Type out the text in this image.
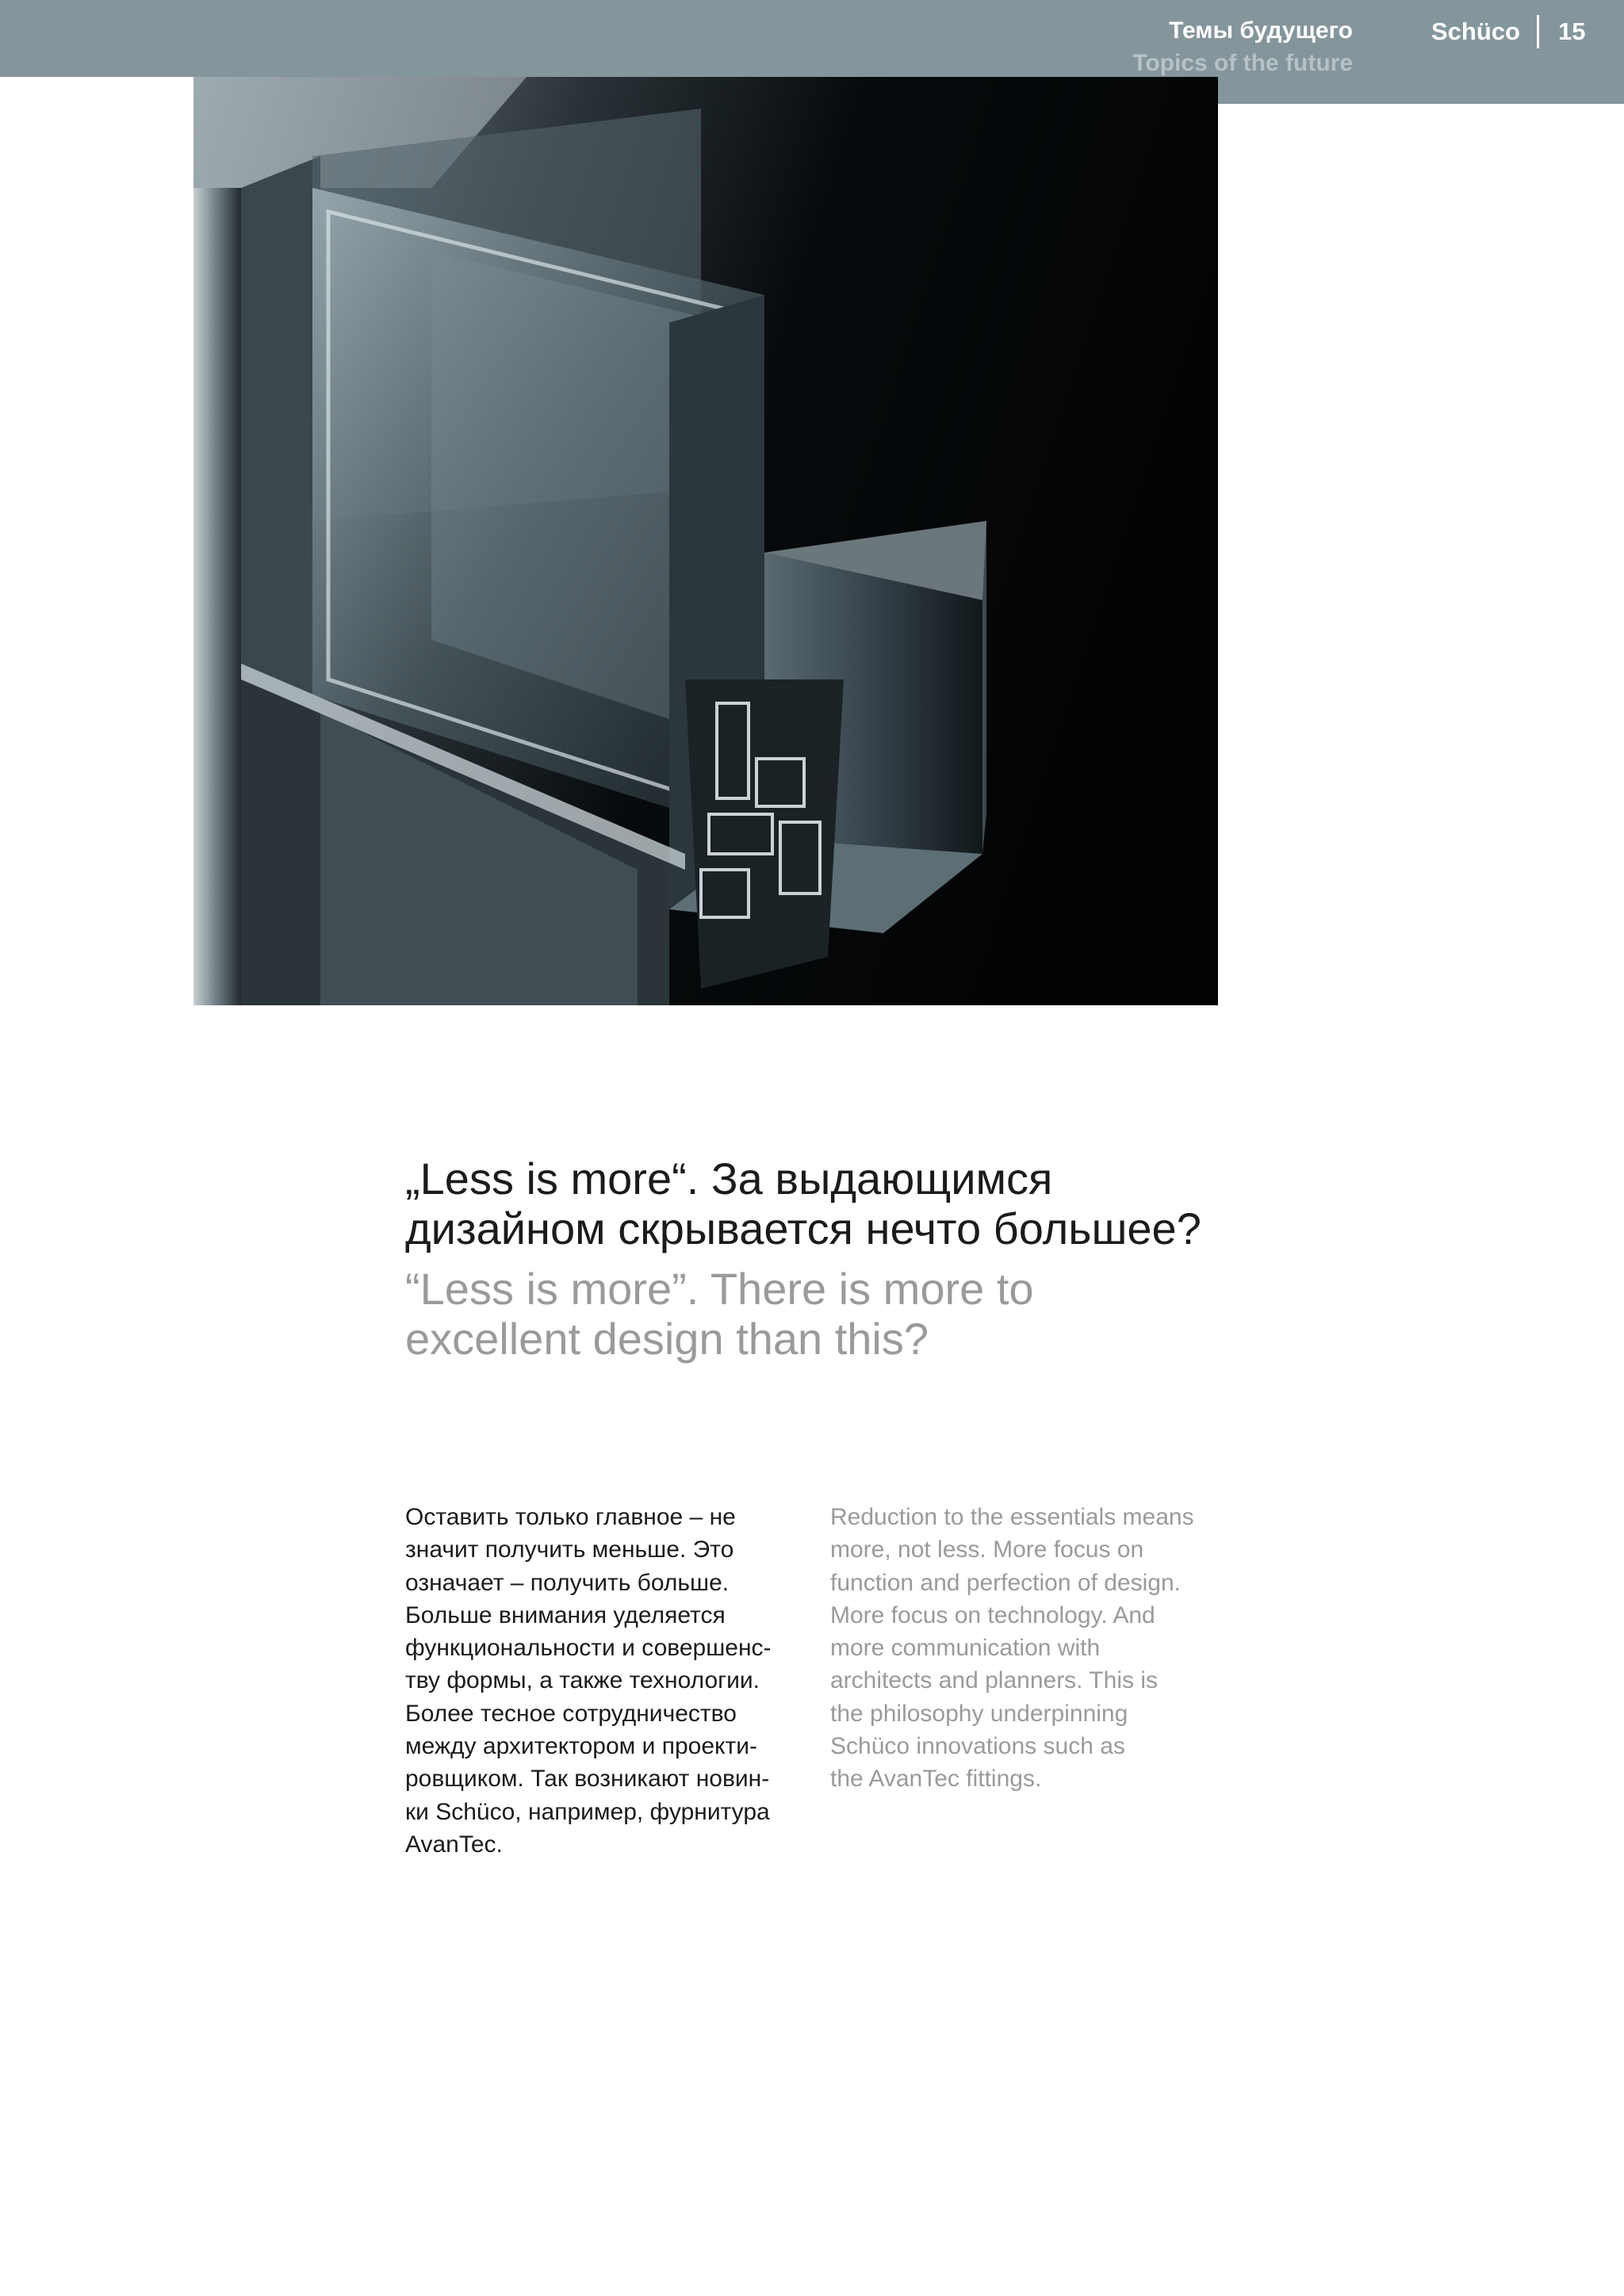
Темы будущего
Topics of the future
Schüco 15
„Less is more“. За выдающимся
дизайном скрывается нечто большее?
“Less is more”. There is more to
excellent design than this?
Оставить только главное – не
значит получить меньше. Это
означает – получить больше.
Больше внимания уделяется
функциональности и совершенс-
тву формы, а также технологии.
Более тесное сотрудничество
между архитектором и проекти-
ровщиком. Так возникают новин-
ки Schüco, например, фурнитура
AvanTec.
Reduction to the essentials means
more, not less. More focus on
function and perfection of design.
More focus on technology. And
more communication with
architects and planners. This is
the philosophy underpinning
Schüco innovations such as
the AvanTec fittings.
